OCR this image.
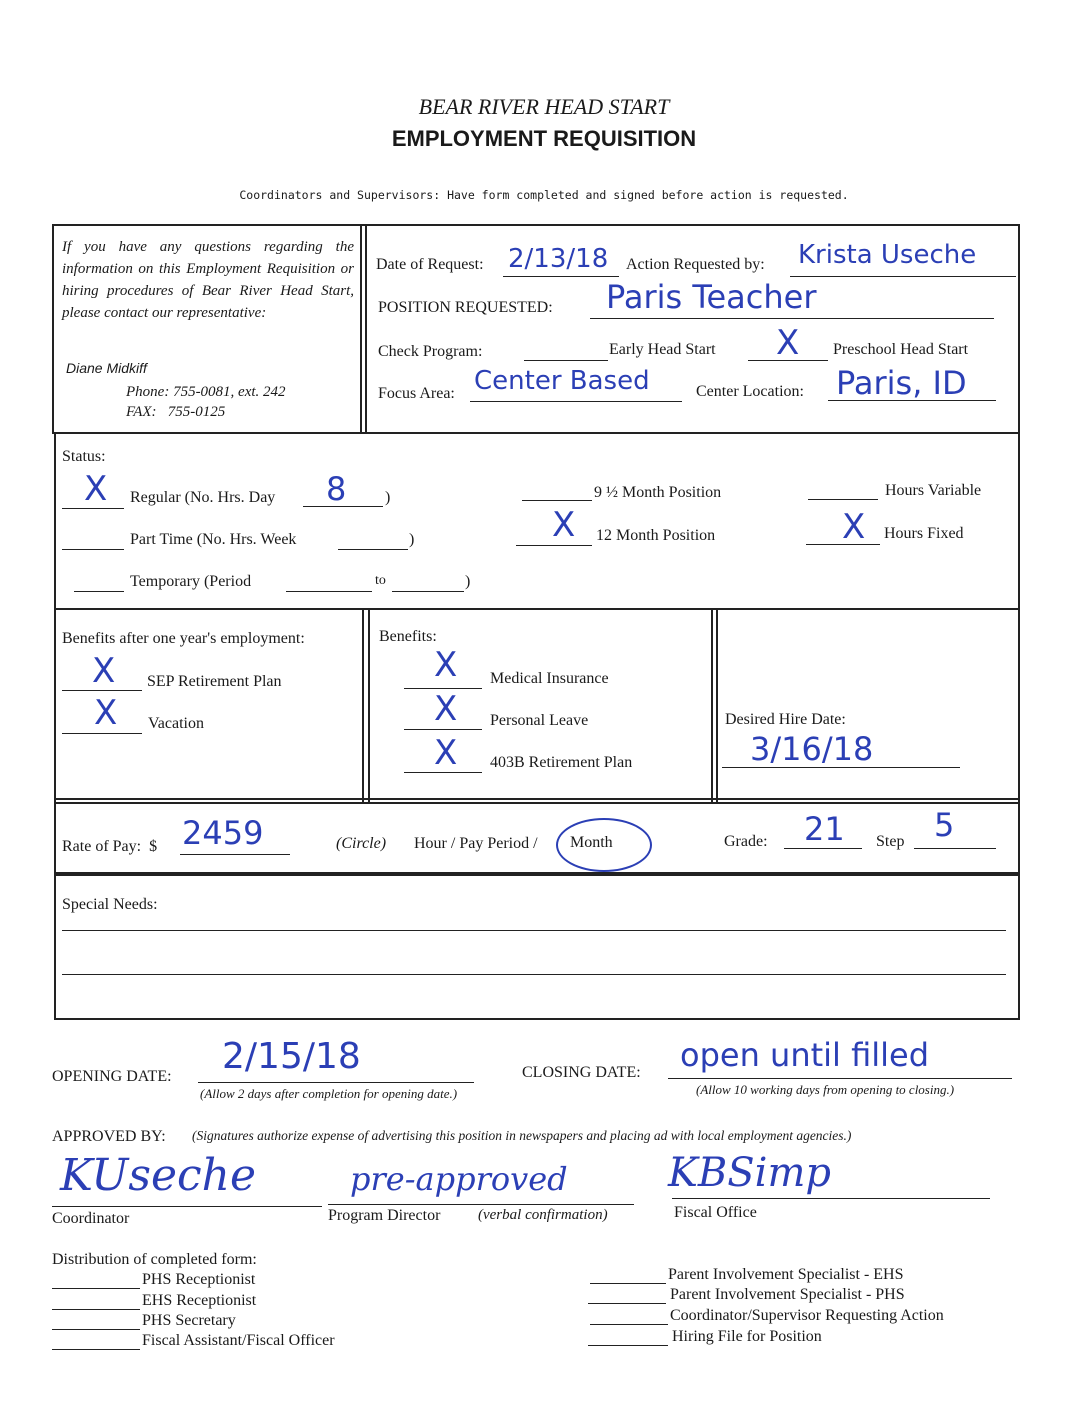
BEAR RIVER HEAD START
EMPLOYMENT REQUISITION
Coordinators and Supervisors: Have form completed and signed before action is requested.
If you have any questions regarding the information on this Employment Requisition or hiring procedures of Bear River Head Start, please contact our representative:
Diane Midkiff
Phone: 755-0081, ext. 242
FAX:   755-0125
Date of Request: 2/13/18 Action Requested by: Krista Useche
POSITION REQUESTED: Paris Teacher
Check Program:	Early Head Start X Preschool Head Start
Focus Area: Center Based	Center Location: Paris, ID
Status:
X Regular (No. Hrs. Day 8 )
Part Time (No. Hrs. Week	)
Temporary (Period	to	)
9 ½ Month Position
X 12 Month Position
Hours Variable
X Hours Fixed
Benefits after one year's employment:
X SEP Retirement Plan
X Vacation
Benefits:
X Medical Insurance
X Personal Leave
X 403B Retirement Plan
Desired Hire Date:
3/16/18
Rate of Pay:  $ 2459	(Circle) Hour / Pay Period / Month	Grade: 21 Step 5
Special Needs:
OPENING DATE: 2/15/18
(Allow 2 days after completion for opening date.)
CLOSING DATE: open until filled
(Allow 10 working days from opening to closing.)
APPROVED BY: (Signatures authorize expense of advertising this position in newspapers and placing ad with local employment agencies.)
KUseche
Coordinator
pre-approved
Program Director	(verbal confirmation)
KBSimp
Fiscal Office
Distribution of completed form:
PHS Receptionist
EHS Receptionist
PHS Secretary
Fiscal Assistant/Fiscal Officer
Parent Involvement Specialist - EHS
Parent Involvement Specialist - PHS
Coordinator/Supervisor Requesting Action
Hiring File for Position
